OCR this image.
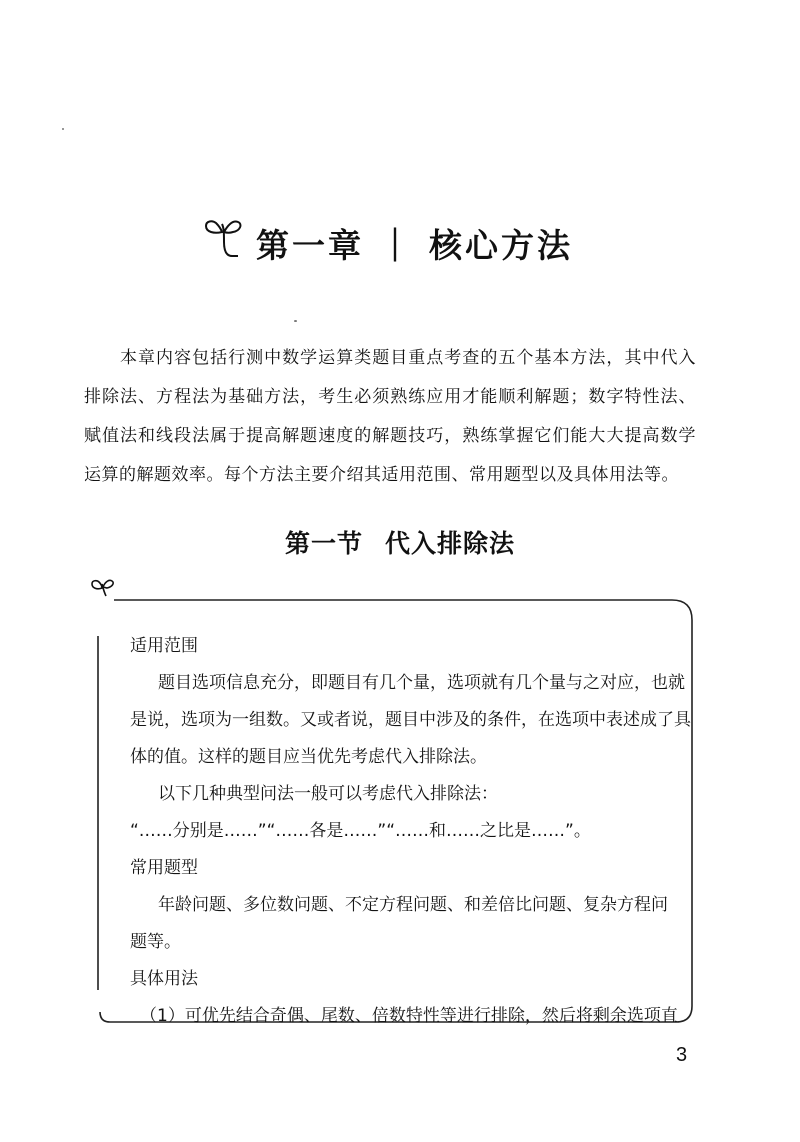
第一章 ｜ 核心方法

本章内容包括行测中数学运算类题目重点考查的五个基本方法，其中代入排除法、方程法为基础方法，考生必须熟练应用才能顺利解题；数字特性法、赋值法和线段法属于提高解题速度的解题技巧，熟练掌握它们能大大提高数学运算的解题效率。每个方法主要介绍其适用范围、常用题型以及具体用法等。

第一节 代入排除法
适用范围
题目选项信息充分，即题目有几个量，选项就有几个量与之对应，也就
是说，选项为一组数。又或者说，题目中涉及的条件，在选项中表述成了具
体的值。这样的题目应当优先考虑代入排除法。
以下几种典型问法一般可以考虑代入排除法：
“……分别是……”“……各是……”“……和……之比是……”。
常用题型
年龄问题、多位数问题、不定方程问题、和差倍比问题、复杂方程问
题等。
具体用法
（1）可优先结合奇偶、尾数、倍数特性等进行排除，然后将剩余选项直
3
